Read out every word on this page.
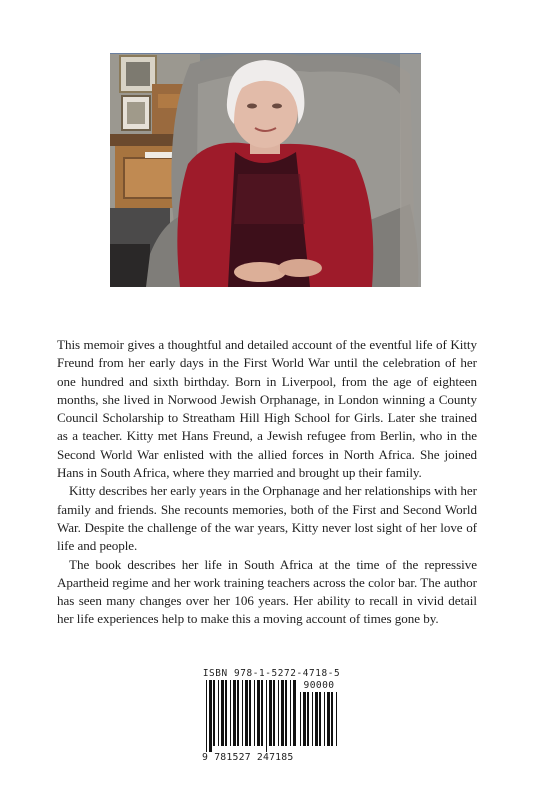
This memoir gives a thoughtful and detailed account of the eventful life of Kitty Freund from her early days in the First World War until the celebration of her one hundred and sixth birthday. Born in Liverpool, from the age of eighteen months, she lived in Norwood Jewish Orphanage, in London winning a County Council Scholarship to Streatham Hill High School for Girls. Later she trained as a teacher. Kitty met Hans Freund, a Jewish refugee from Berlin, who in the Second World War enlisted with the allied forces in North Africa. She joined Hans in South Africa, where they married and brought up their family.

Kitty describes her early years in the Orphanage and her relationships with her family and friends. She recounts memories, both of the First and Second World War. Despite the challenge of the war years, Kitty never lost sight of her love of life and people.

The book describes her life in South Africa at the time of the repressive Apartheid regime and her work training teachers across the color bar. The author has seen many changes over her 106 years. Her ability to recall in vivid detail her life experiences help to make this a moving account of times gone by.

ISBN 978-1-5272-4718-5
90000
9 781527 247185
